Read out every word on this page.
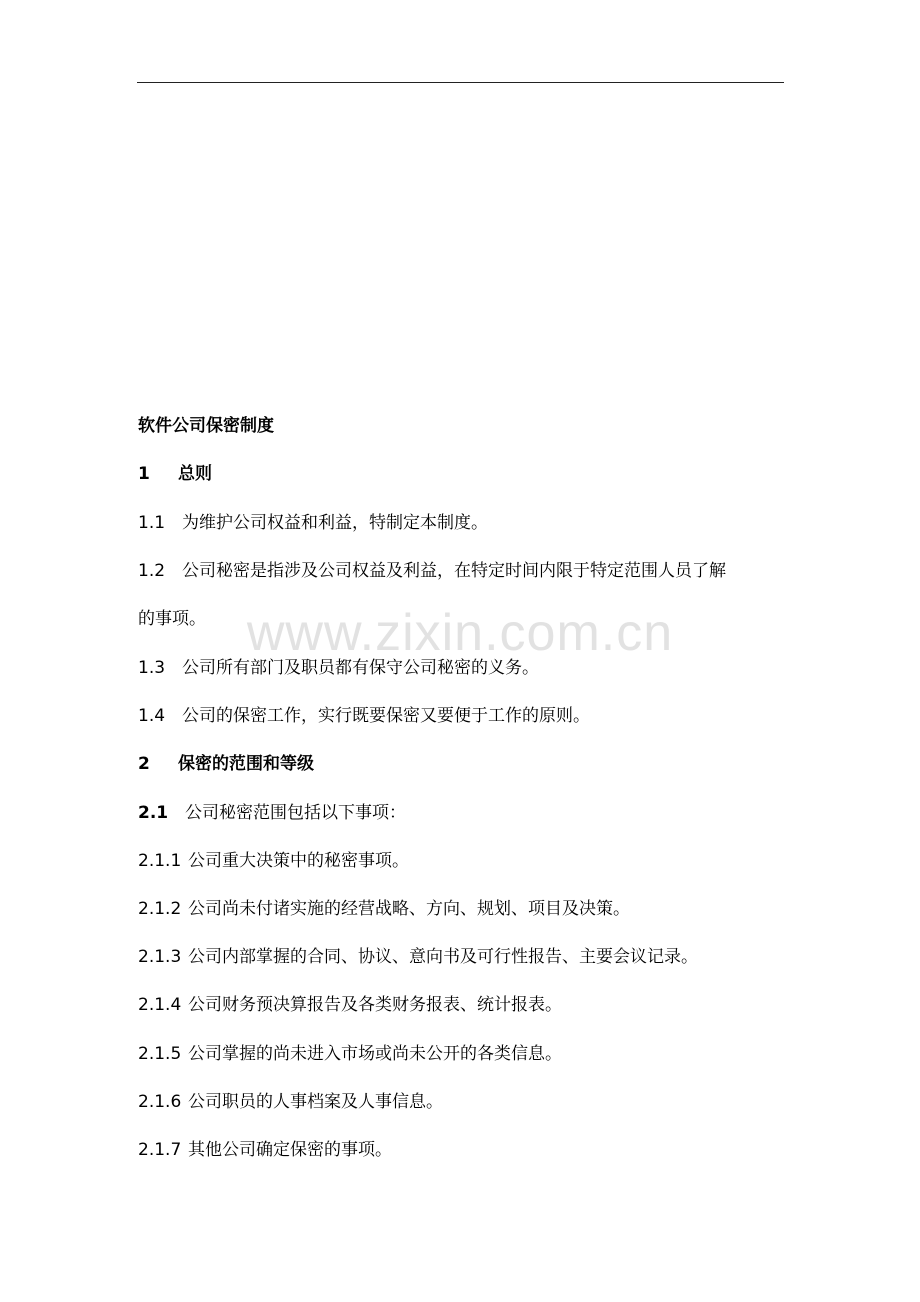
www.zixin.com.cn
软件公司保密制度
1 总则
1.1 为维护公司权益和利益，特制定本制度。
1.2 公司秘密是指涉及公司权益及利益，在特定时间内限于特定范围人员了解
的事项。
1.3 公司所有部门及职员都有保守公司秘密的义务。
1.4 公司的保密工作，实行既要保密又要便于工作的原则。
2 保密的范围和等级
2.1 公司秘密范围包括以下事项：
2.1.1 公司重大决策中的秘密事项。
2.1.2 公司尚未付诸实施的经营战略、方向、规划、项目及决策。
2.1.3 公司内部掌握的合同、协议、意向书及可行性报告、主要会议记录。
2.1.4 公司财务预决算报告及各类财务报表、统计报表。
2.1.5 公司掌握的尚未进入市场或尚未公开的各类信息。
2.1.6 公司职员的人事档案及人事信息。
2.1.7 其他公司确定保密的事项。
